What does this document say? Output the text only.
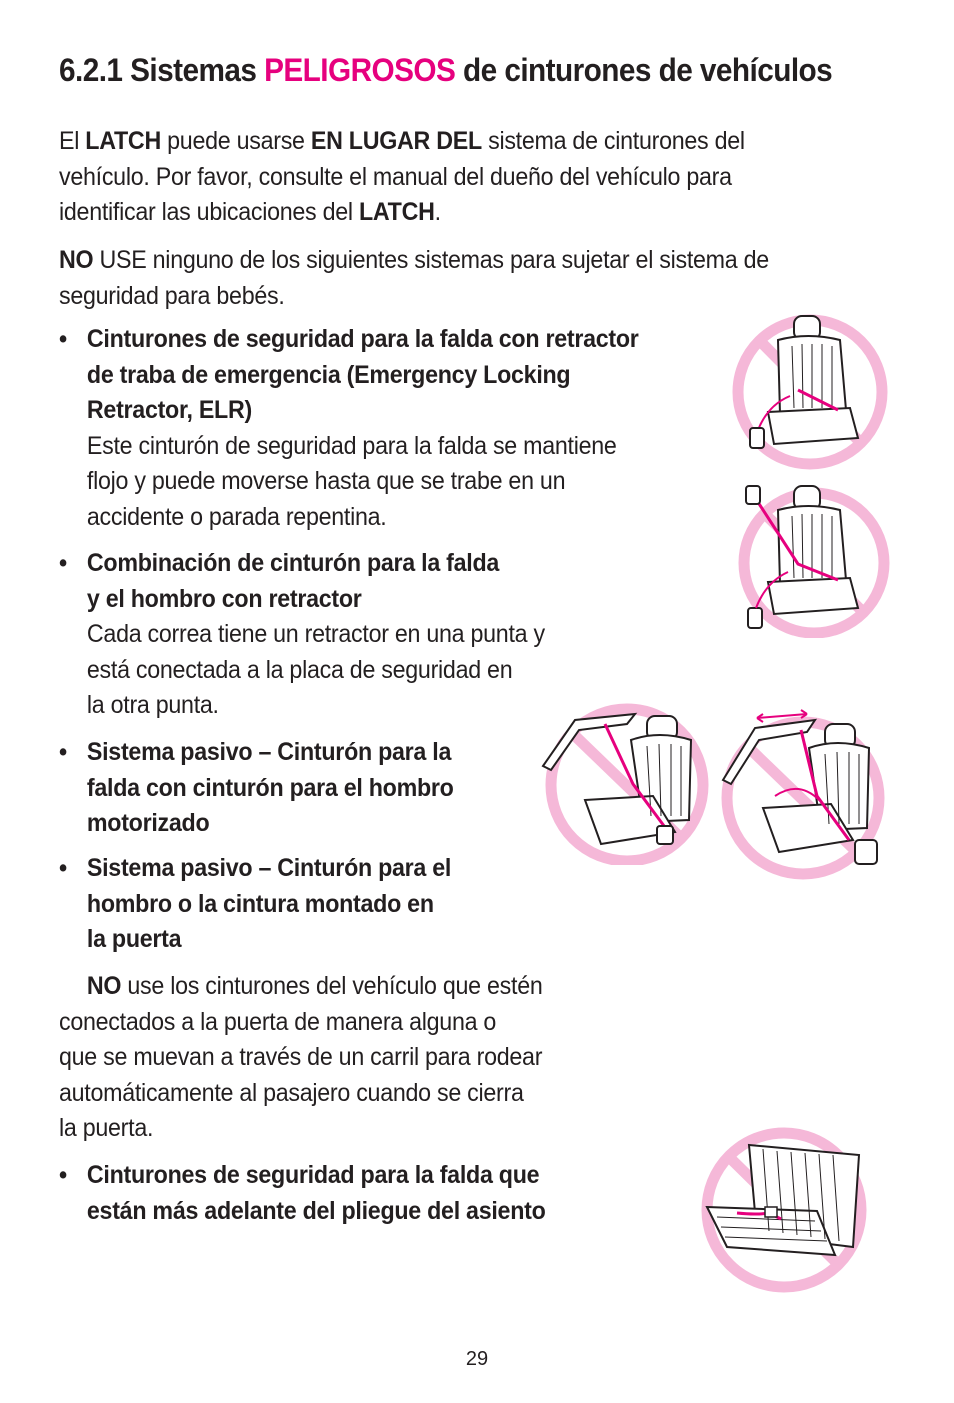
6.2.1 Sistemas PELIGROSOS de cinturones de vehículos

El LATCH puede usarse EN LUGAR DEL sistema de cinturones del
vehículo. Por favor, consulte el manual del dueño del vehículo para
identificar las ubicaciones del LATCH.

NO USE ninguno de los siguientes sistemas para sujetar el sistema de
seguridad para bebés.

• Cinturones de seguridad para la falda con retractor
de traba de emergencia (Emergency Locking
Retractor, ELR)
Este cinturón de seguridad para la falda se mantiene
flojo y puede moverse hasta que se trabe en un
accidente o parada repentina.
• Combinación de cinturón para la falda
y el hombro con retractor
Cada correa tiene un retractor en una punta y
está conectada a la placa de seguridad en
la otra punta.
• Sistema pasivo – Cinturón para la
falda con cinturón para el hombro
motorizado
• Sistema pasivo – Cinturón para el
hombro o la cintura montado en
la puerta

NO use los cinturones del vehículo que estén
conectados a la puerta de manera alguna o
que se muevan a través de un carril para rodear
automáticamente al pasajero cuando se cierra
la puerta.

• Cinturones de seguridad para la falda que
están más adelante del pliegue del asiento
29
